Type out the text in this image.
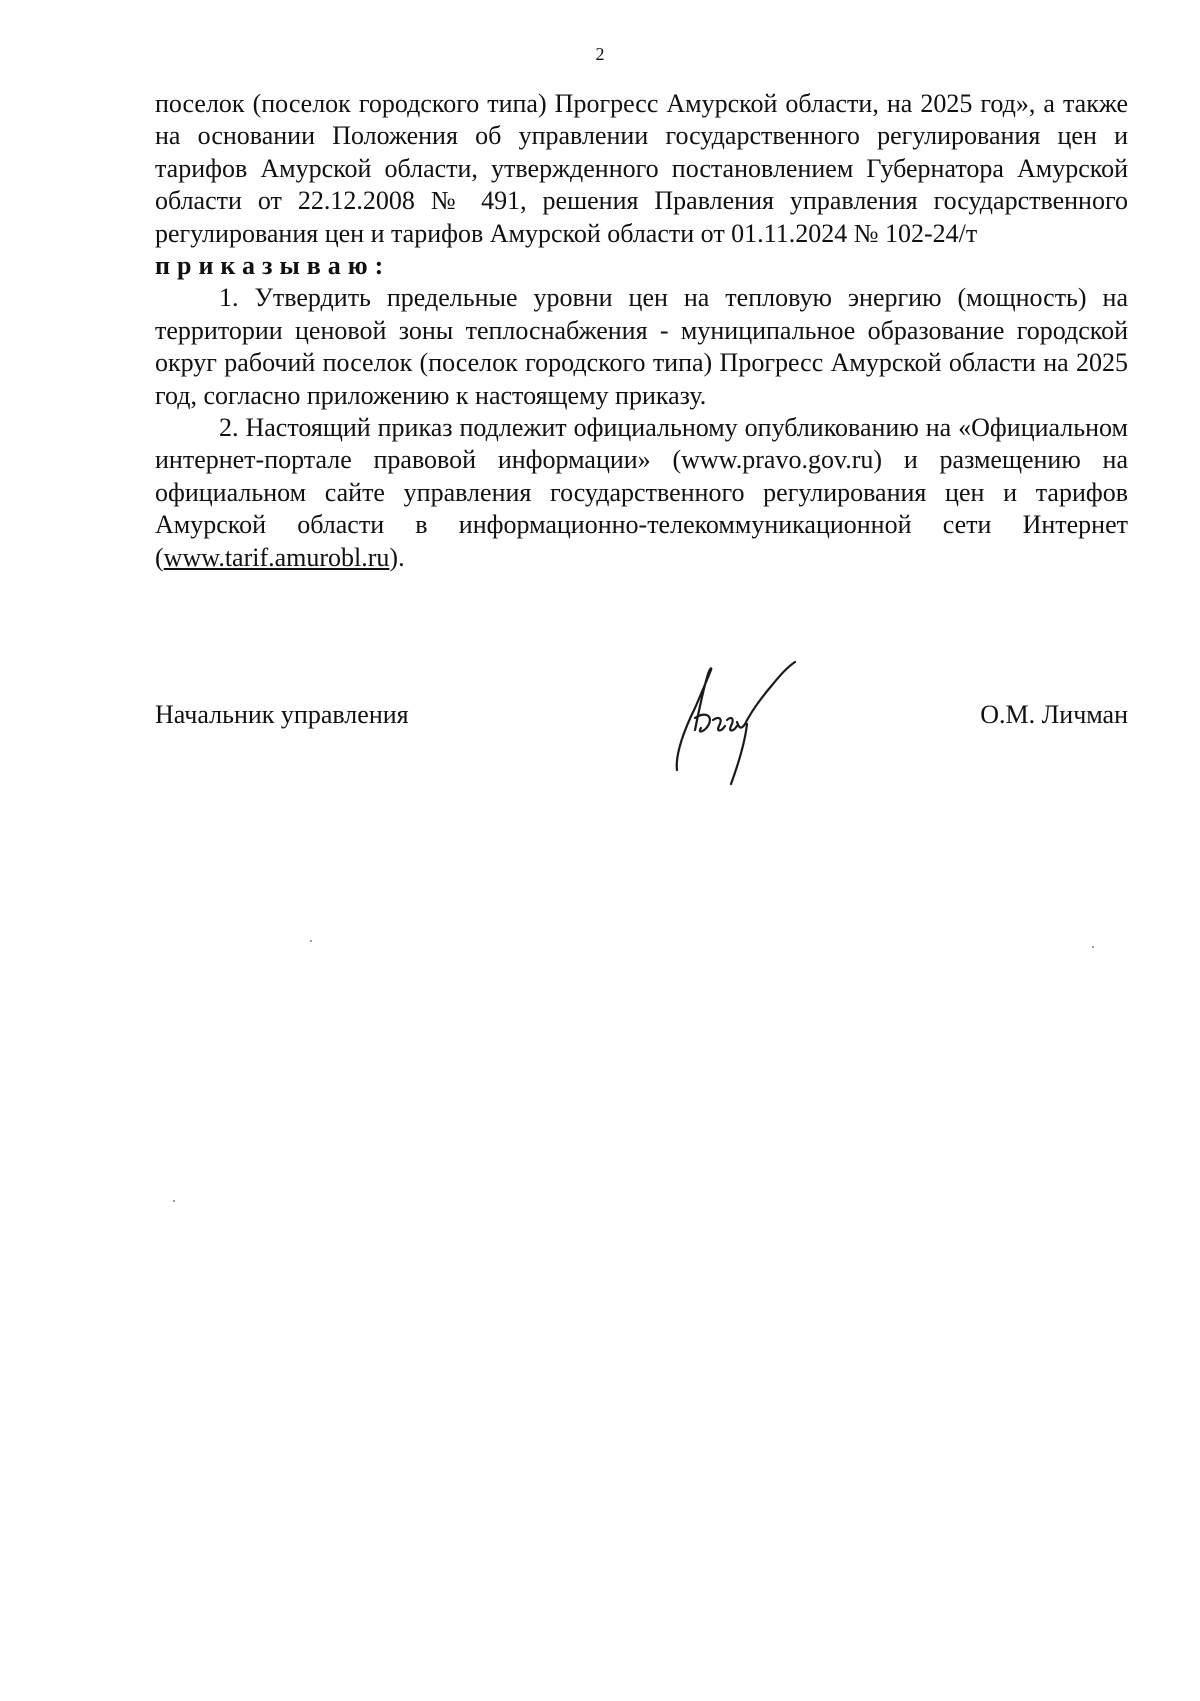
2

поселок (поселок городского типа) Прогресс Амурской области, на 2025 год», а также на основании Положения об управлении государственного регулирования цен и тарифов Амурской области, утвержденного постановлением Губернатора Амурской области от 22.12.2008 № 491, решения Правления управления государственного регулирования цен и тарифов Амурской области от 01.11.2024 № 102-24/т

приказываю:

1. Утвердить предельные уровни цен на тепловую энергию (мощность) на территории ценовой зоны теплоснабжения - муниципальное образование городской округ рабочий поселок (поселок городского типа) Прогресс Амурской области на 2025 год, согласно приложению к настоящему приказу.

2. Настоящий приказ подлежит официальному опубликованию на «Официальном интернет-портале правовой информации» (www.pravo.gov.ru) и размещению на официальном сайте управления государственного регулирования цен и тарифов Амурской области в информационно-телекоммуникационной сети Интернет (www.tarif.amurobl.ru).

Начальник управления	О.М. Личман
